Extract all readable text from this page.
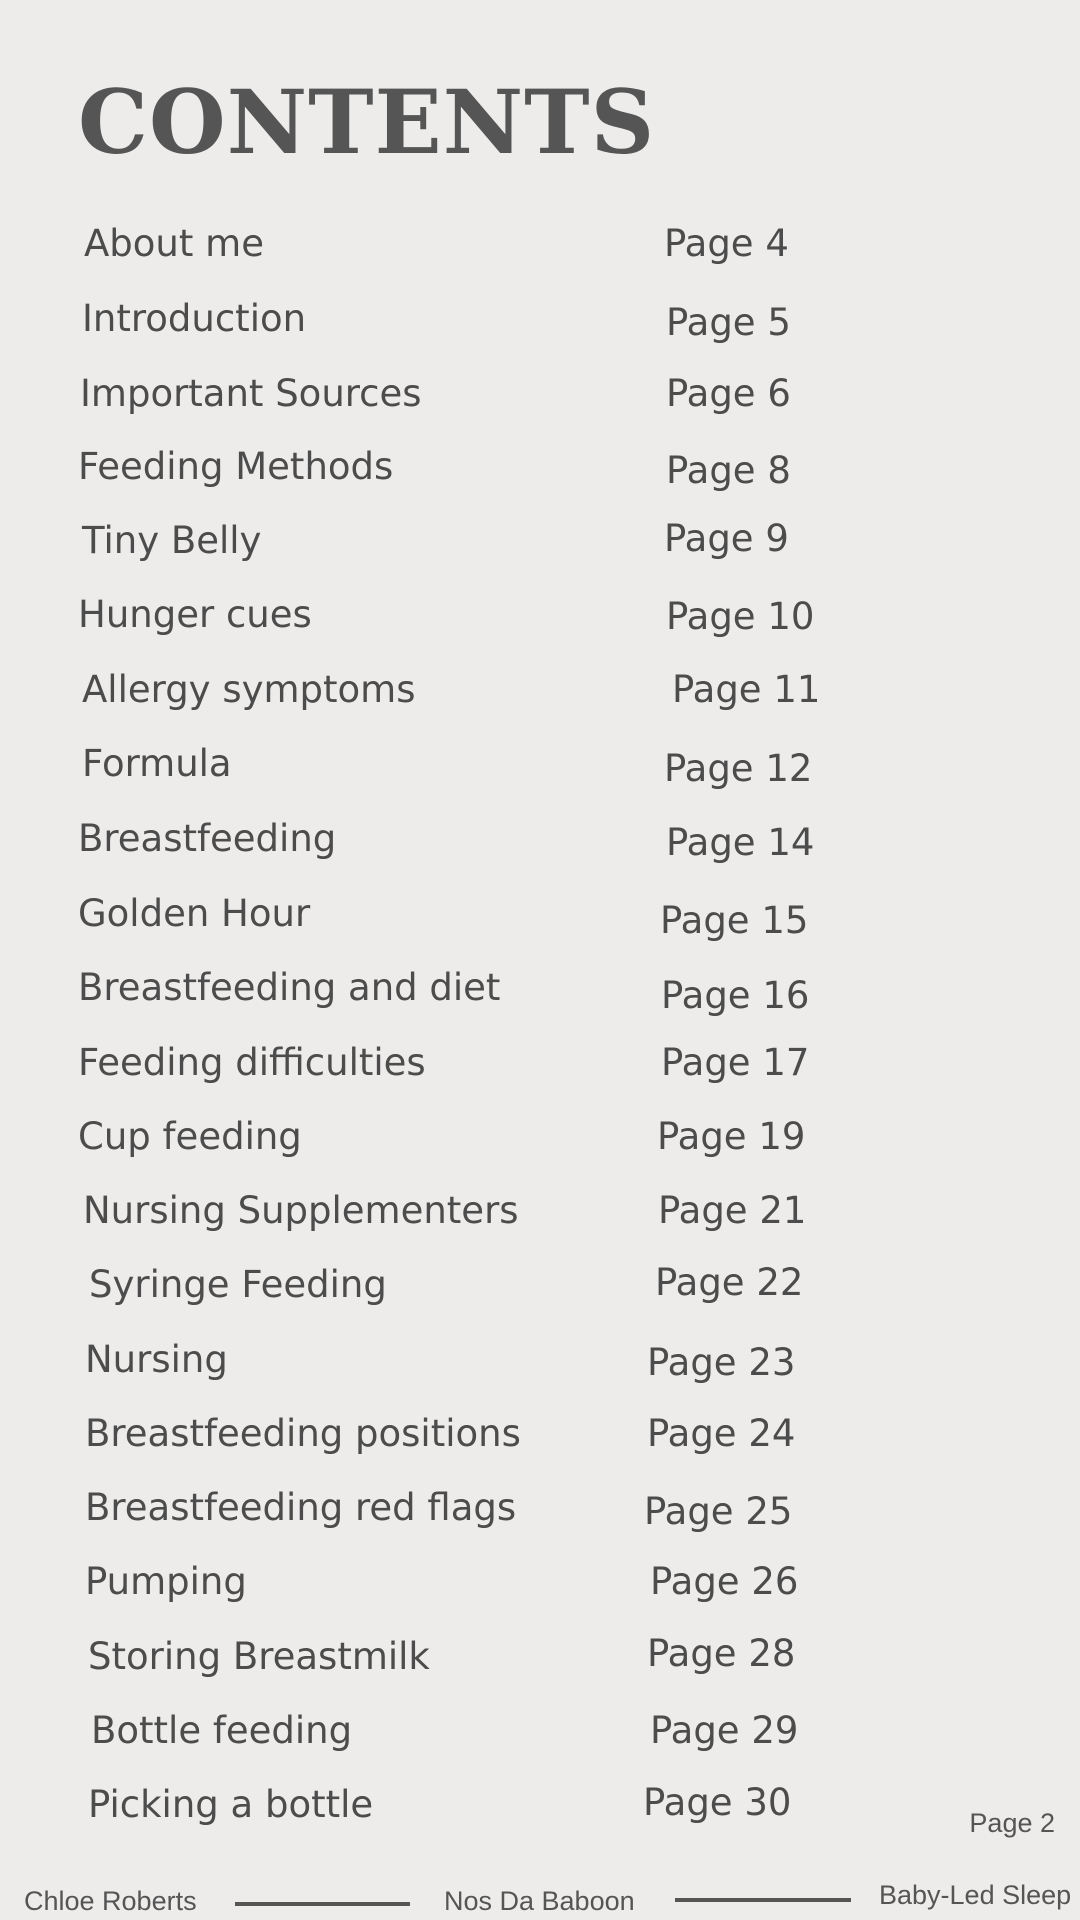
CONTENTS
About me	Page 4
Introduction	Page 5
Important Sources	Page 6
Feeding Methods	Page 8
Tiny Belly	Page 9
Hunger cues	Page 10
Allergy symptoms	Page 11
Formula	Page 12
Breastfeeding	Page 14
Golden Hour	Page 15
Breastfeeding and diet	Page 16
Feeding difficulties	Page 17
Cup feeding	Page 19
Nursing Supplementers	Page 21
Syringe Feeding	Page 22
Nursing	Page 23
Breastfeeding positions	Page 24
Breastfeeding red flags	Page 25
Pumping	Page 26
Storing Breastmilk	Page 28
Bottle feeding	Page 29
Picking a bottle	Page 30	Page 2
Chloe Roberts	Nos Da Baboon	Baby-Led Sleep
